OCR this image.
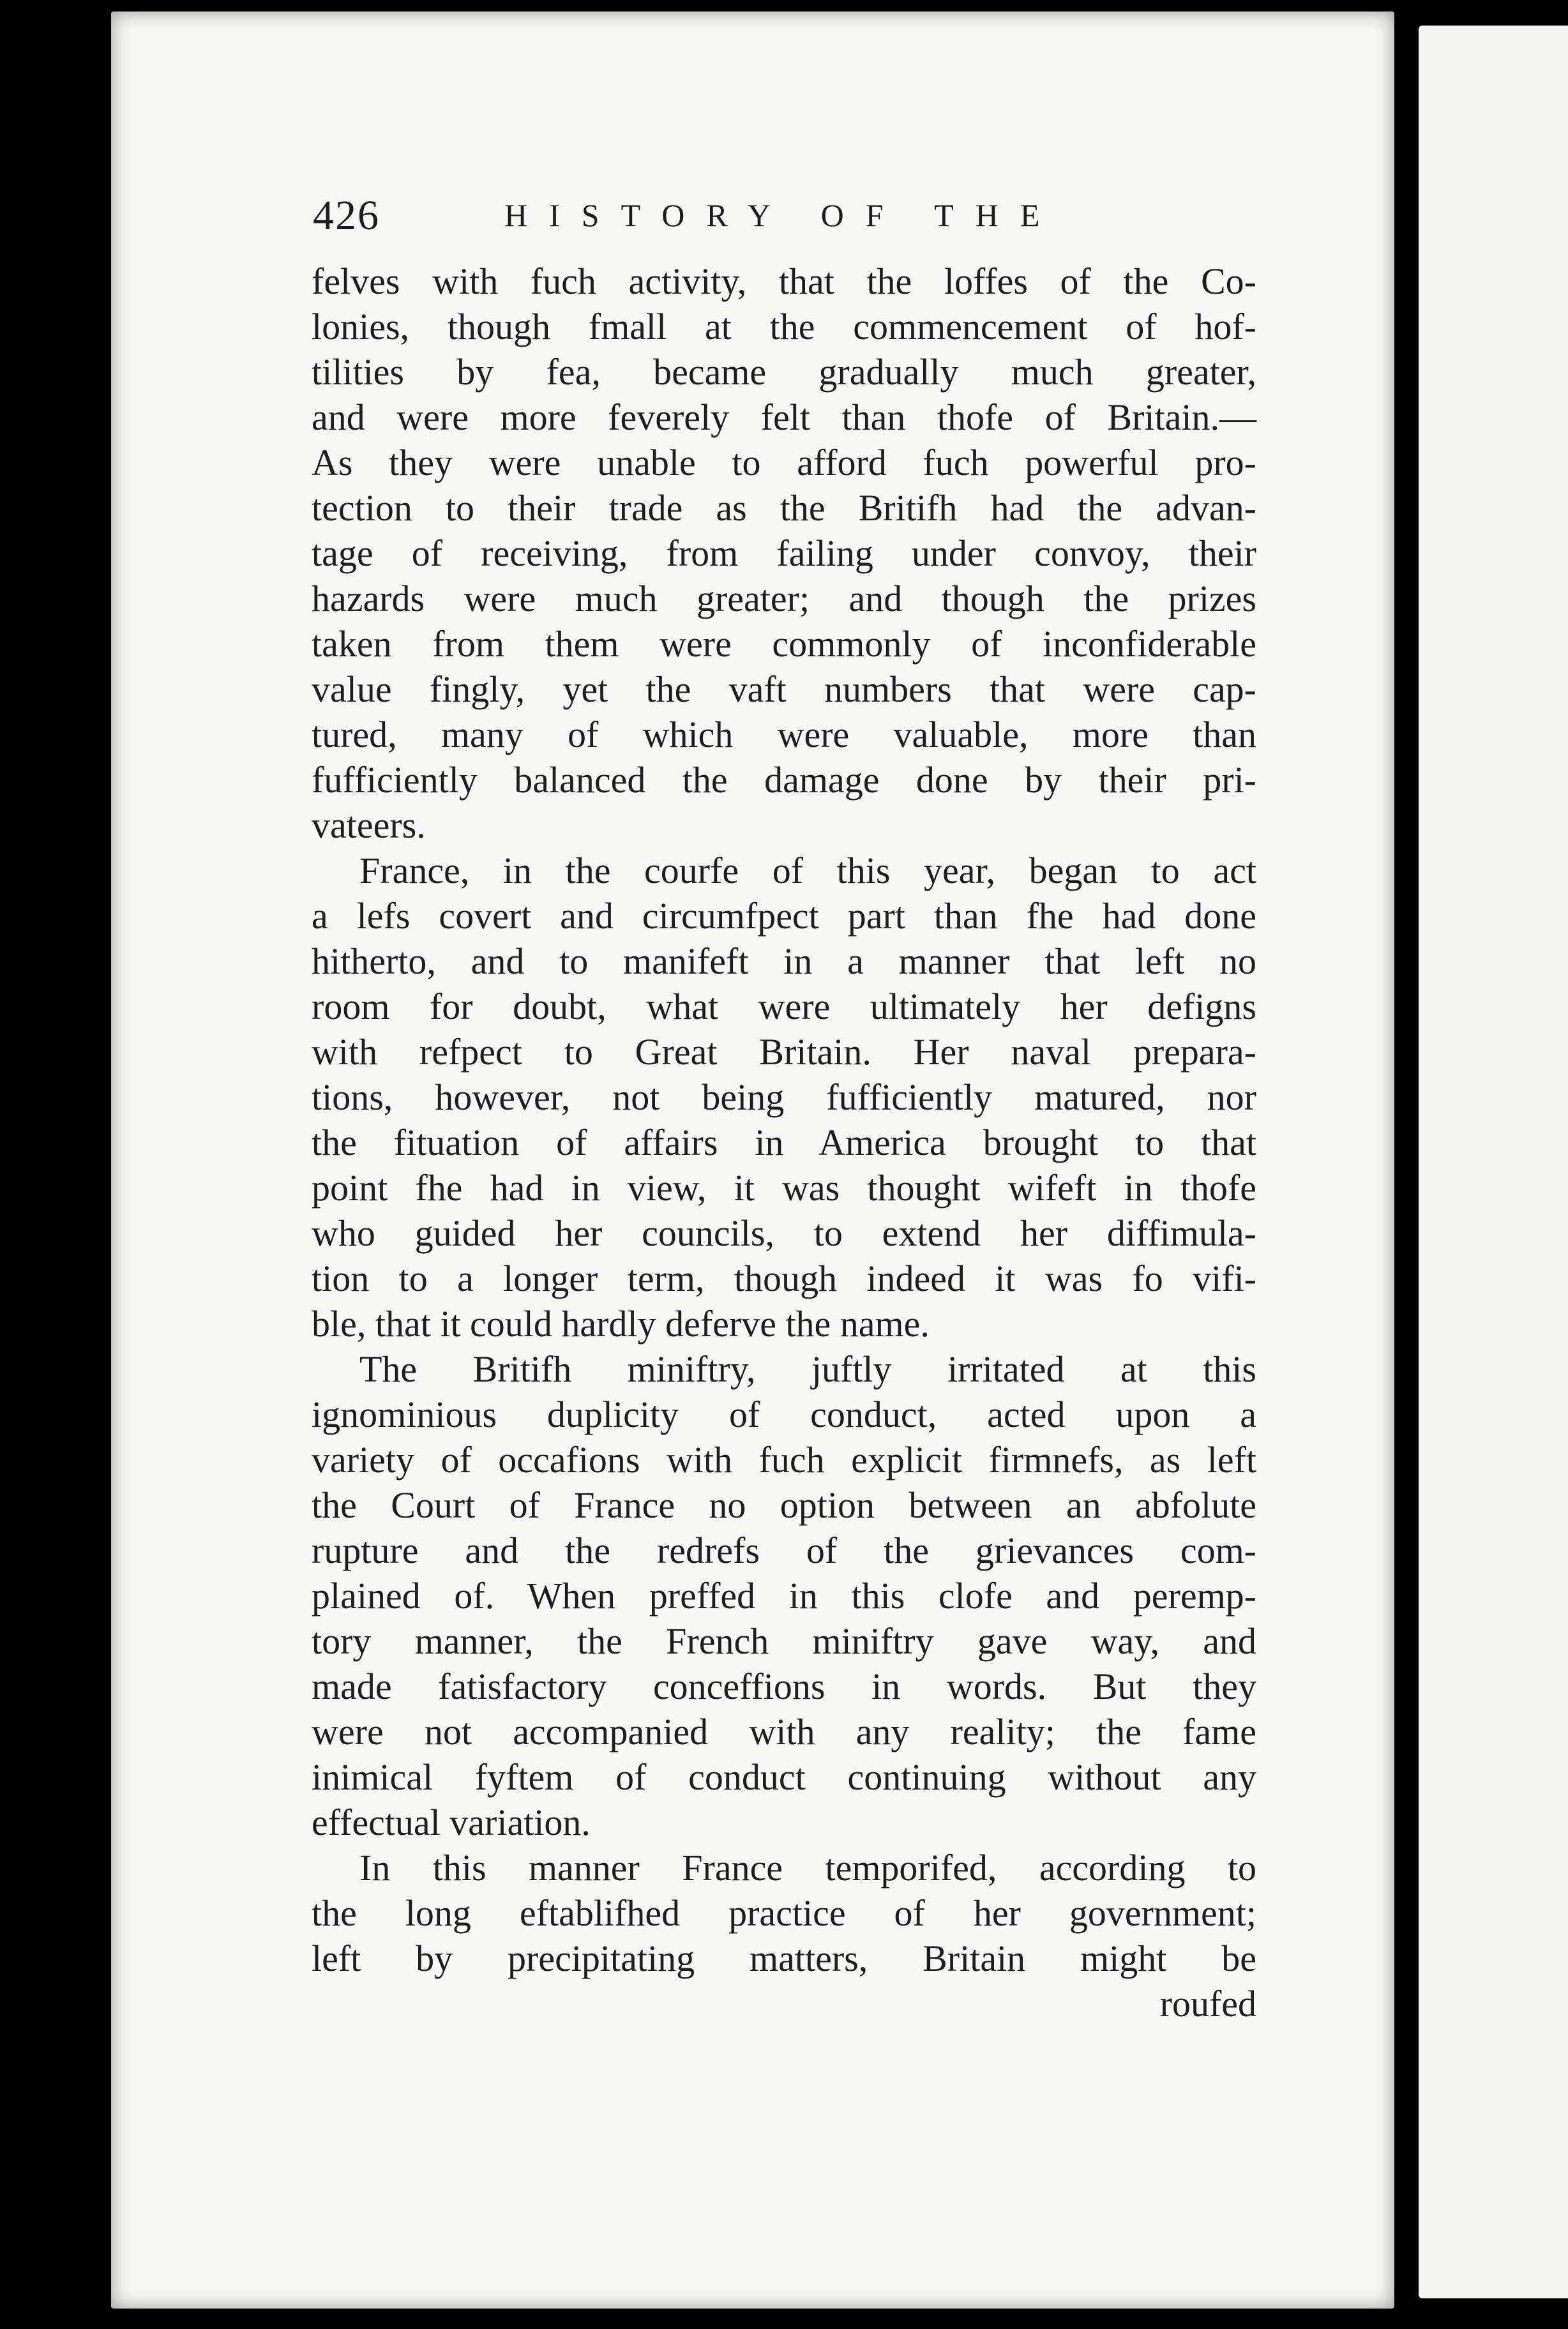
426	HISTORY OF THE
felves with fuch activity, that the loffes of the Co-
lonies, though fmall at the commencement of hof-
tilities by fea, became gradually much greater,
and were more feverely felt than thofe of Britain.—
As they were unable to afford fuch powerful pro-
tection to their trade as the Britifh had the advan-
tage of receiving, from failing under convoy, their
hazards were much greater; and though the prizes
taken from them were commonly of inconfiderable
value fingly, yet the vaft numbers that were cap-
tured, many of which were valuable, more than
fufficiently balanced the damage done by their pri-
vateers.
France, in the courfe of this year, began to act
a lefs covert and circumfpect part than fhe had done
hitherto, and to manifeft in a manner that left no
room for doubt, what were ultimately her defigns
with refpect to Great Britain. Her naval prepara-
tions, however, not being fufficiently matured, nor
the fituation of affairs in America brought to that
point fhe had in view, it was thought wifeft in thofe
who guided her councils, to extend her diffimula-
tion to a longer term, though indeed it was fo vifi-
ble, that it could hardly deferve the name.
The Britifh miniftry, juftly irritated at this
ignominious duplicity of conduct, acted upon a
variety of occafions with fuch explicit firmnefs, as left
the Court of France no option between an abfolute
rupture and the redrefs of the grievances com-
plained of. When preffed in this clofe and peremp-
tory manner, the French miniftry gave way, and
made fatisfactory conceffions in words. But they
were not accompanied with any reality; the fame
inimical fyftem of conduct continuing without any
effectual variation.
In this manner France temporifed, according to
the long eftablifhed practice of her government;
left by precipitating matters, Britain might be
roufed
